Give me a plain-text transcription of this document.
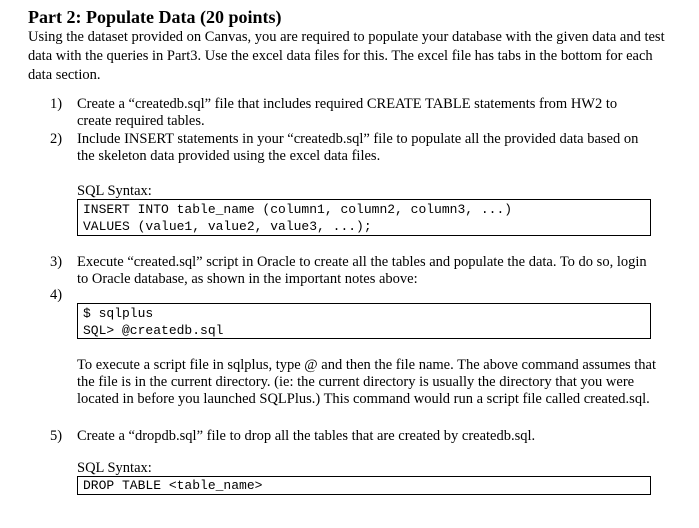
Part 2: Populate Data (20 points)
Using the dataset provided on Canvas, you are required to populate your database with the given data and test data with the queries in Part3. Use the excel data files for this. The excel file has tabs in the bottom for each data section.
1)	Create a “createdb.sql” file that includes required CREATE TABLE statements from HW2 to create required tables.
2)	Include INSERT statements in your “createdb.sql” file to populate all the provided data based on the skeleton data provided using the excel data files.
SQL Syntax:
INSERT INTO table_name (column1, column2, column3, ...)
VALUES (value1, value2, value3, ...);
3)	Execute “created.sql” script in Oracle to create all the tables and populate the data. To do so, login to Oracle database, as shown in the important notes above:
4)
$ sqlplus
SQL> @createdb.sql
To execute a script file in sqlplus, type @ and then the file name. The above command assumes that the file is in the current directory. (ie: the current directory is usually the directory that you were located in before you launched SQLPlus.) This command would run a script file called created.sql.
5)	Create a “dropdb.sql” file to drop all the tables that are created by createdb.sql.
SQL Syntax:
DROP TABLE <table_name>
